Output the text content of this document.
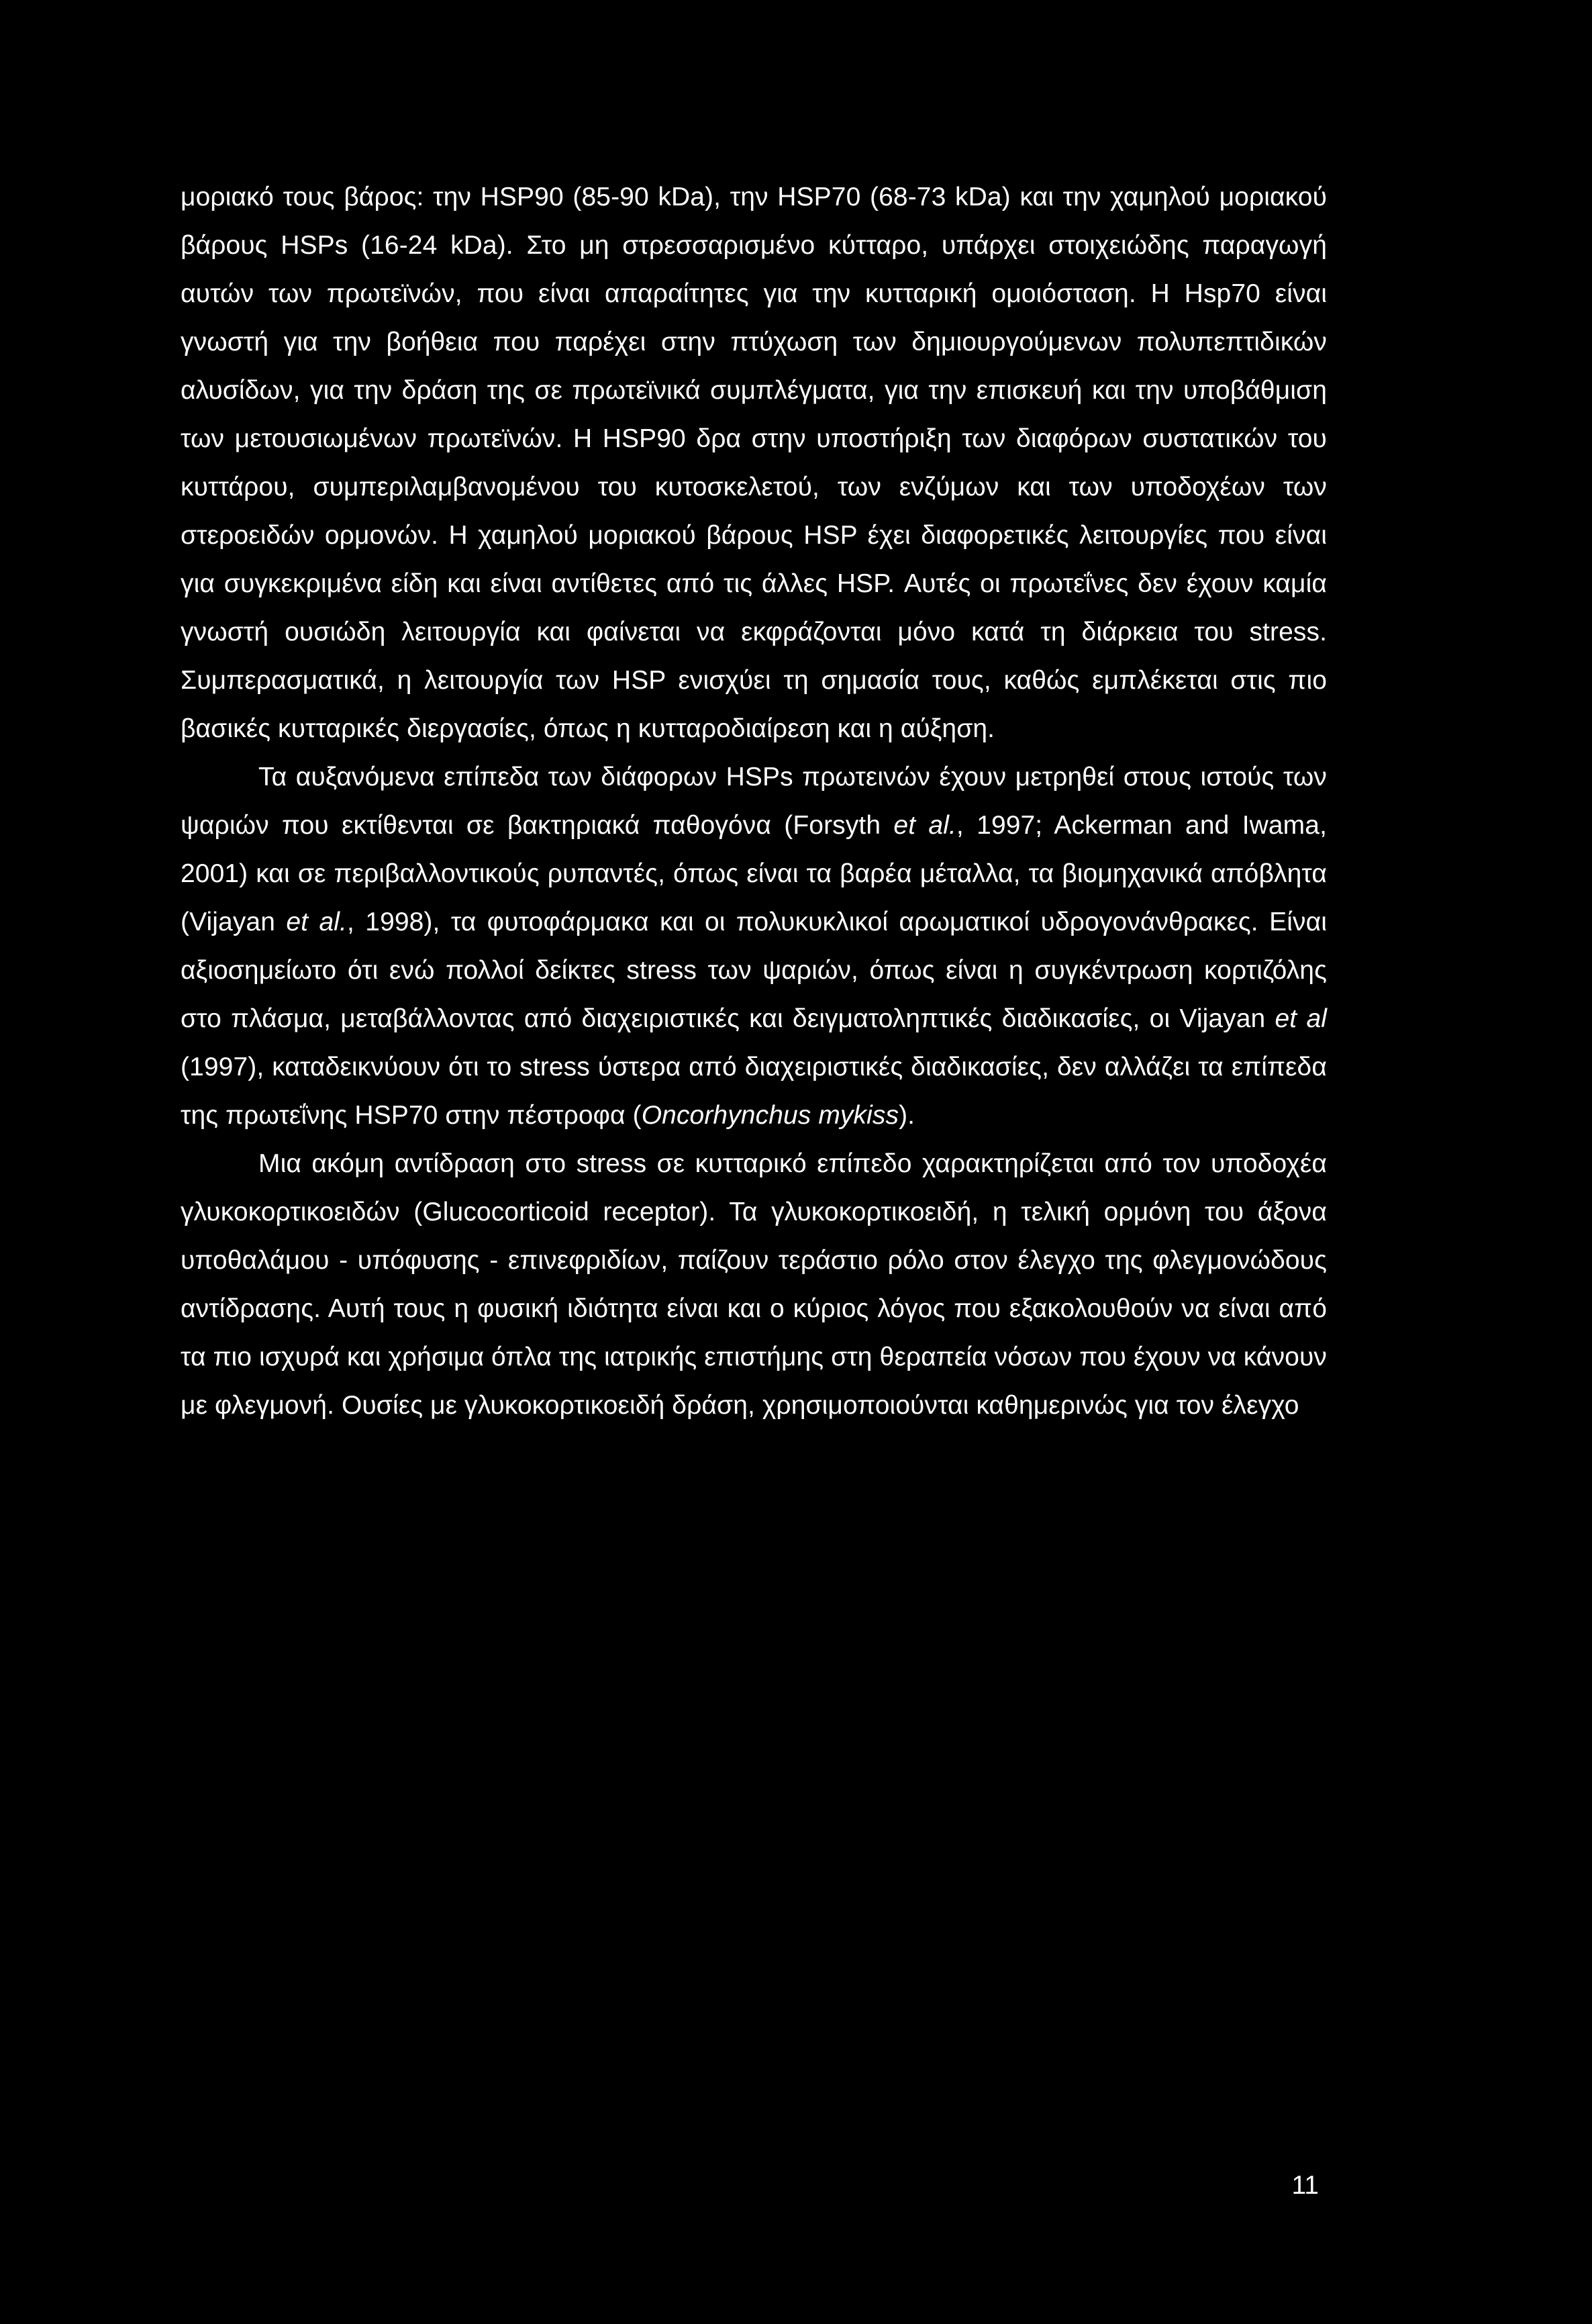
μοριακό τους βάρος: την HSP90 (85-90 kDa), την HSP70 (68-73 kDa) και την χαμηλού μοριακού βάρους HSPs (16-24 kDa). Στο μη στρεσσαρισμένο κύτταρο, υπάρχει στοιχειώδης παραγωγή αυτών των πρωτεϊνών, που είναι απαραίτητες για την κυτταρική ομοιόσταση. Η Hsp70 είναι γνωστή για την βοήθεια που παρέχει στην πτύχωση των δημιουργούμενων πολυπεπτιδικών αλυσίδων, για την δράση της σε πρωτεϊνικά συμπλέγματα, για την επισκευή και την υποβάθμιση των μετουσιωμένων πρωτεϊνών. Η HSP90 δρα στην υποστήριξη των διαφόρων συστατικών του κυττάρου, συμπεριλαμβανομένου του κυτοσκελετού, των ενζύμων και των υποδοχέων των στεροειδών ορμονών. Η χαμηλού μοριακού βάρους HSP έχει διαφορετικές λειτουργίες που είναι για συγκεκριμένα είδη και είναι αντίθετες από τις άλλες HSP. Αυτές οι πρωτεΐνες δεν έχουν καμία γνωστή ουσιώδη λειτουργία και φαίνεται να εκφράζονται μόνο κατά τη διάρκεια του stress. Συμπερασματικά, η λειτουργία των HSP ενισχύει τη σημασία τους, καθώς εμπλέκεται στις πιο βασικές κυτταρικές διεργασίες, όπως η κυτταροδιαίρεση και η αύξηση.

Τα αυξανόμενα επίπεδα των διάφορων HSPs πρωτεινών έχουν μετρηθεί στους ιστούς των ψαριών που εκτίθενται σε βακτηριακά παθογόνα (Forsyth et al., 1997; Ackerman and Iwama, 2001) και σε περιβαλλοντικούς ρυπαντές, όπως είναι τα βαρέα μέταλλα, τα βιομηχανικά απόβλητα (Vijayan et al., 1998), τα φυτοφάρμακα και οι πολυκυκλικοί αρωματικοί υδρογονάνθρακες. Είναι αξιοσημείωτο ότι ενώ πολλοί δείκτες stress των ψαριών, όπως είναι η συγκέντρωση κορτιζόλης στο πλάσμα, μεταβάλλοντας από διαχειριστικές και δειγματοληπτικές διαδικασίες, οι Vijayan et al (1997), καταδεικνύουν ότι το stress ύστερα από διαχειριστικές διαδικασίες, δεν αλλάζει τα επίπεδα της πρωτεΐνης HSP70 στην πέστροφα (Oncorhynchus mykiss).

Μια ακόμη αντίδραση στο stress σε κυτταρικό επίπεδο χαρακτηρίζεται από τον υποδοχέα γλυκοκορτικοειδών (Glucocorticoid receptor). Τα γλυκοκορτικοειδή, η τελική ορμόνη του άξονα υποθαλάμου - υπόφυσης - επινεφριδίων, παίζουν τεράστιο ρόλο στον έλεγχο της φλεγμονώδους αντίδρασης. Αυτή τους η φυσική ιδιότητα είναι και ο κύριος λόγος που εξακολουθούν να είναι από τα πιο ισχυρά και χρήσιμα όπλα της ιατρικής επιστήμης στη θεραπεία νόσων που έχουν να κάνουν με φλεγμονή. Ουσίες με γλυκοκορτικοειδή δράση, χρησιμοποιούνται καθημερινώς για τον έλεγχο

11
